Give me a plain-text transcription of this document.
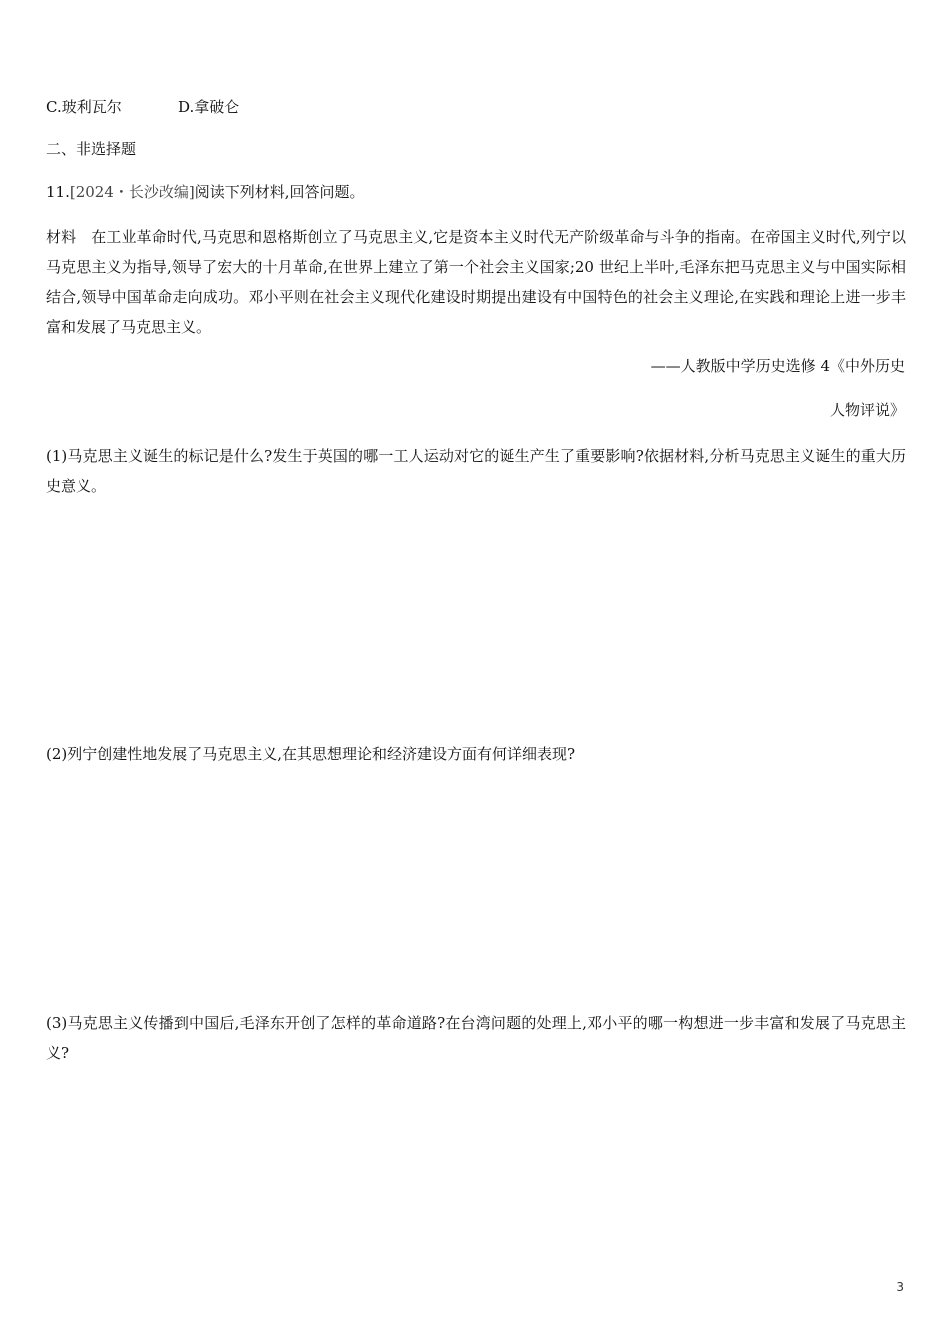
C.玻利瓦尔	D.拿破仑
二、非选择题
11.[2024・长沙改编]阅读下列材料,回答问题。
材料　在工业革命时代,马克思和恩格斯创立了马克思主义,它是资本主义时代无产阶级革命与斗争的指南。在帝国主义时代,列宁以马克思主义为指导,领导了宏大的十月革命,在世界上建立了第一个社会主义国家;20 世纪上半叶,毛泽东把马克思主义与中国实际相结合,领导中国革命走向成功。邓小平则在社会主义现代化建设时期提出建设有中国特色的社会主义理论,在实践和理论上进一步丰富和发展了马克思主义。
——人教版中学历史选修 4《中外历史
人物评说》
(1)马克思主义诞生的标记是什么?发生于英国的哪一工人运动对它的诞生产生了重要影响?依据材料,分析马克思主义诞生的重大历史意义。
(2)列宁创建性地发展了马克思主义,在其思想理论和经济建设方面有何详细表现?
(3)马克思主义传播到中国后,毛泽东开创了怎样的革命道路?在台湾问题的处理上,邓小平的哪一构想进一步丰富和发展了马克思主义?
3
